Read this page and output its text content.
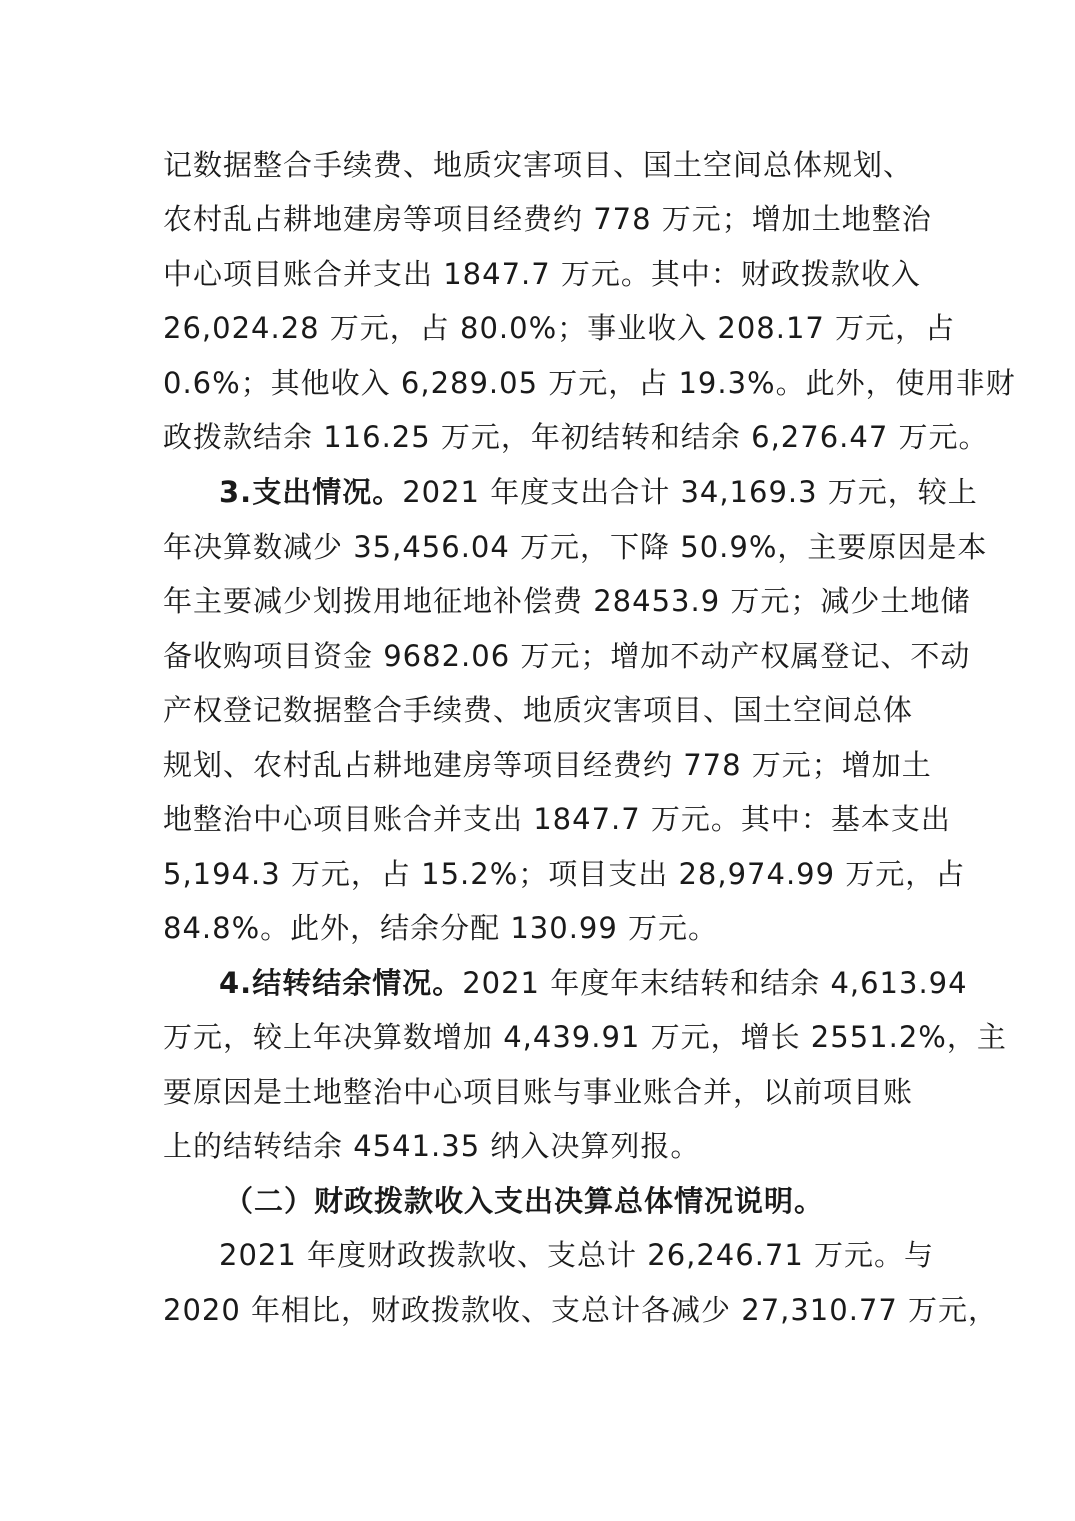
记数据整合手续费、地质灾害项目、国土空间总体规划、
农村乱占耕地建房等项目经费约 778 万元；增加土地整治
中心项目账合并支出 1847.7 万元。其中：财政拨款收入
26,024.28 万元，占 80.0%；事业收入 208.17 万元，占
0.6%；其他收入 6,289.05 万元，占 19.3%。此外，使用非财
政拨款结余 116.25 万元，年初结转和结余 6,276.47 万元。
3.支出情况。2021 年度支出合计 34,169.3 万元，较上
年决算数减少 35,456.04 万元，下降 50.9%，主要原因是本
年主要减少划拨用地征地补偿费 28453.9 万元；减少土地储
备收购项目资金 9682.06 万元；增加不动产权属登记、不动
产权登记数据整合手续费、地质灾害项目、国土空间总体
规划、农村乱占耕地建房等项目经费约 778 万元；增加土
地整治中心项目账合并支出 1847.7 万元。其中：基本支出
5,194.3 万元，占 15.2%；项目支出 28,974.99 万元，占
84.8%。此外，结余分配 130.99 万元。
4.结转结余情况。2021 年度年末结转和结余 4,613.94
万元，较上年决算数增加 4,439.91 万元，增长 2551.2%，主
要原因是土地整治中心项目账与事业账合并，以前项目账
上的结转结余 4541.35 纳入决算列报。
（二）财政拨款收入支出决算总体情况说明。
2021 年度财政拨款收、支总计 26,246.71 万元。与
2020 年相比，财政拨款收、支总计各减少 27,310.77 万元，
